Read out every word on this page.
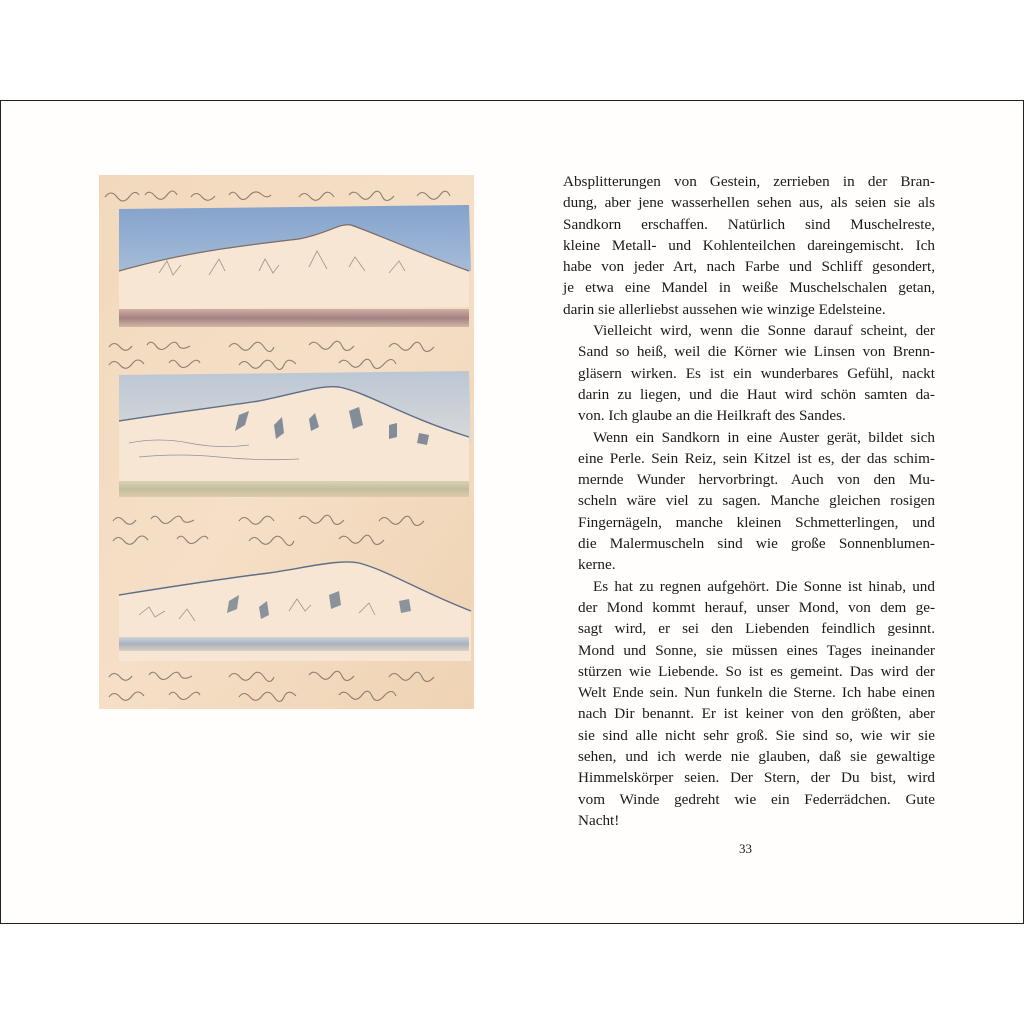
Absplitterungen von Gestein, zerrieben in der Bran-
dung, aber jene wasserhellen sehen aus, als seien sie als
Sandkorn erschaffen. Natürlich sind Muschelreste,
kleine Metall- und Kohlenteilchen dareingemischt. Ich
habe von jeder Art, nach Farbe und Schliff gesondert,
je etwa eine Mandel in weiße Muschelschalen getan,
darin sie allerliebst aussehen wie winzige Edelsteine.
Vielleicht wird, wenn die Sonne darauf scheint, der
Sand so heiß, weil die Körner wie Linsen von Brenn-
gläsern wirken. Es ist ein wunderbares Gefühl, nackt
darin zu liegen, und die Haut wird schön samten da-
von. Ich glaube an die Heilkraft des Sandes.
Wenn ein Sandkorn in eine Auster gerät, bildet sich
eine Perle. Sein Reiz, sein Kitzel ist es, der das schim-
mernde Wunder hervorbringt. Auch von den Mu-
scheln wäre viel zu sagen. Manche gleichen rosigen
Fingernägeln, manche kleinen Schmetterlingen, und
die Malermuscheln sind wie große Sonnenblumen-
kerne.
Es hat zu regnen aufgehört. Die Sonne ist hinab, und
der Mond kommt herauf, unser Mond, von dem ge-
sagt wird, er sei den Liebenden feindlich gesinnt.
Mond und Sonne, sie müssen eines Tages ineinander
stürzen wie Liebende. So ist es gemeint. Das wird der
Welt Ende sein. Nun funkeln die Sterne. Ich habe einen
nach Dir benannt. Er ist keiner von den größten, aber
sie sind alle nicht sehr groß. Sie sind so, wie wir sie
sehen, und ich werde nie glauben, daß sie gewaltige
Himmelskörper seien. Der Stern, der Du bist, wird
vom Winde gedreht wie ein Federrädchen. Gute
Nacht!
33
